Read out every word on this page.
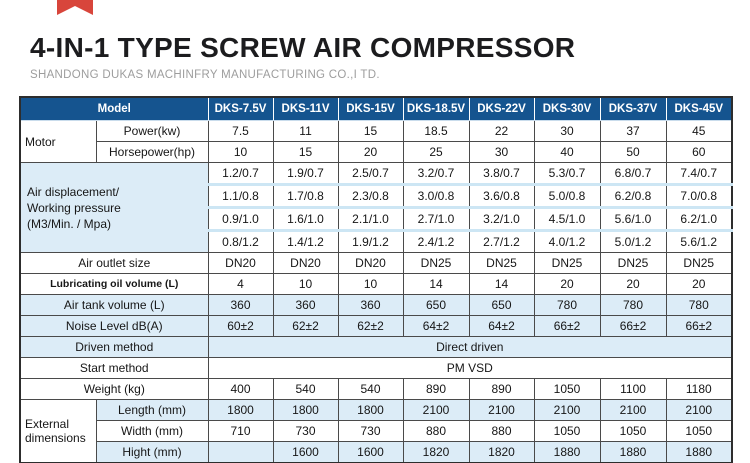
4-IN-1 TYPE SCREW AIR COMPRESSOR
SHANDONG DUKAS MACHINFRY MANUFACTURING CO.,I TD.
Model		DKS-7.5V	DKS-11V	DKS-15V	DKS-18.5V	DKS-22V	DKS-30V	DKS-37V	DKS-45V
Motor	Power(kw)	7.5	11	15	18.5	22	30	37	45
	Horsepower(hp)	10	15	20	25	30	40	50	60
Air displacement/
Working pressure
(M3/Min. / Mpa)		1.2/0.7	1.9/0.7	2.5/0.7	3.2/0.7	3.8/0.7	5.3/0.7	6.8/0.7	7.4/0.7
		1.1/0.8	1.7/0.8	2.3/0.8	3.0/0.8	3.6/0.8	5.0/0.8	6.2/0.8	7.0/0.8
		0.9/1.0	1.6/1.0	2.1/1.0	2.7/1.0	3.2/1.0	4.5/1.0	5.6/1.0	6.2/1.0
		0.8/1.2	1.4/1.2	1.9/1.2	2.4/1.2	2.7/1.2	4.0/1.2	5.0/1.2	5.6/1.2
Air outlet size		DN20	DN20	DN20	DN25	DN25	DN25	DN25	DN25
Lubricating oil volume (L)		4	10	10	14	14	20	20	20
Air tank volume (L)		360	360	360	650	650	780	780	780
Noise Level dB(A)		60±2	62±2	62±2	64±2	64±2	66±2	66±2	66±2
Driven method		Direct driven							
Start method		PM VSD							
Weight (kg)		400	540	540	890	890	1050	1100	1180
External
dimensions	Length (mm)	1800	1800	1800	2100	2100	2100	2100	2100
	Width (mm)	710	730	730	880	880	1050	1050	1050
	Hight (mm)		1600	1600	1820	1820	1880	1880	1880
